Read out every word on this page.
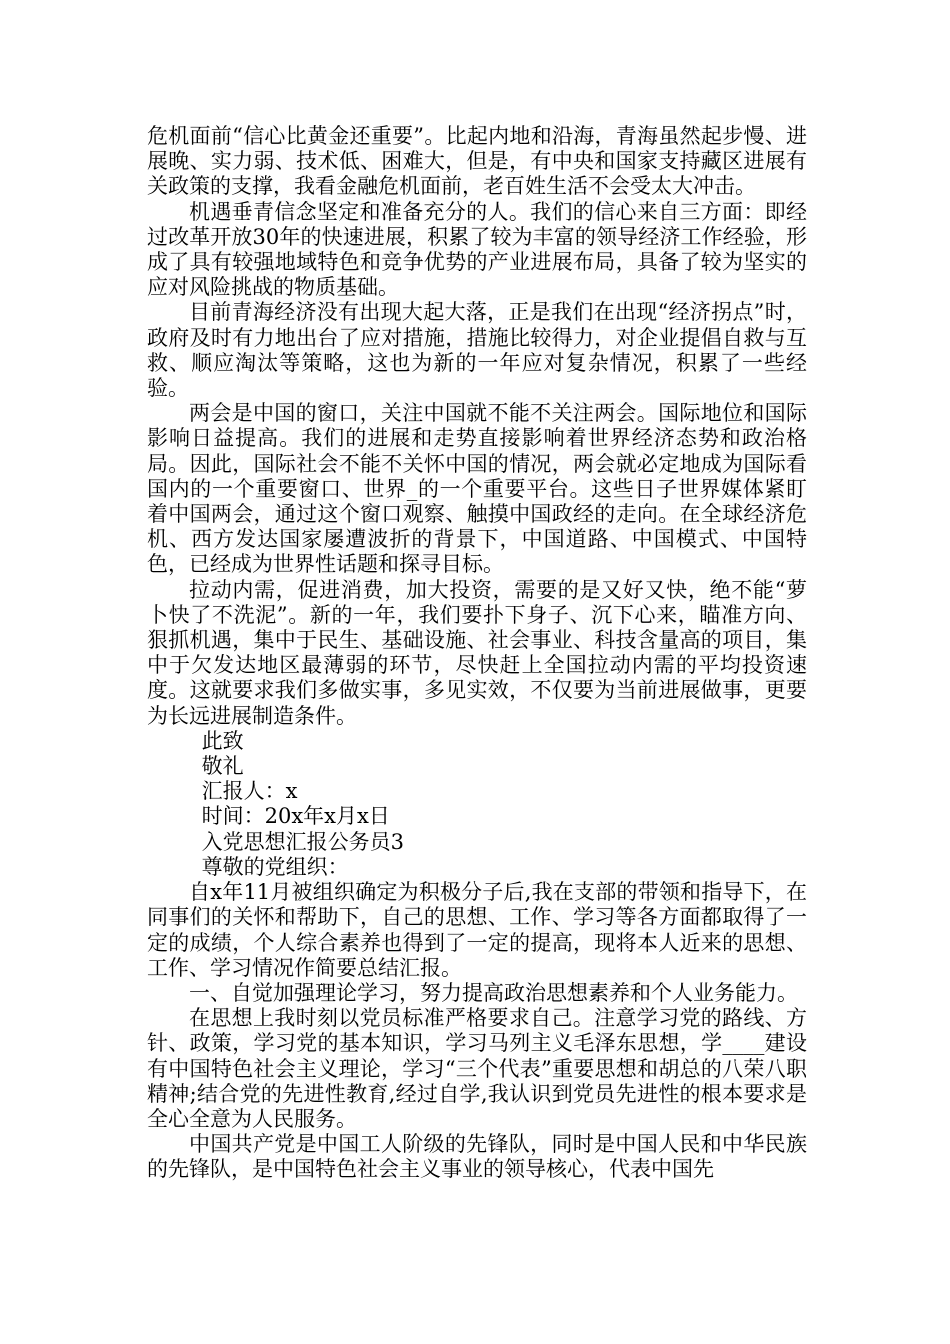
危机面前“信心比黄金还重要”。比起内地和沿海，青海虽然起步慢、进展晚、实力弱、技术低、困难大，但是，有中央和国家支持藏区进展有关政策的支撑，我看金融危机面前，老百姓生活不会受太大冲击。

机遇垂青信念坚定和准备充分的人。我们的信心来自三方面：即经过改革开放30年的快速进展，积累了较为丰富的领导经济工作经验，形成了具有较强地域特色和竞争优势的产业进展布局，具备了较为坚实的应对风险挑战的物质基础。

目前青海经济没有出现大起大落，正是我们在出现“经济拐点”时，政府及时有力地出台了应对措施，措施比较得力，对企业提倡自救与互救、顺应淘汰等策略，这也为新的一年应对复杂情况，积累了一些经验。

两会是中国的窗口，关注中国就不能不关注两会。国际地位和国际影响日益提高。我们的进展和走势直接影响着世界经济态势和政治格局。因此，国际社会不能不关怀中国的情况，两会就必定地成为国际看国内的一个重要窗口、世界_的一个重要平台。这些日子世界媒体紧盯着中国两会，通过这个窗口观察、触摸中国政经的走向。在全球经济危机、西方发达国家屡遭波折的背景下，中国道路、中国模式、中国特色，已经成为世界性话题和探寻目标。

拉动内需，促进消费，加大投资，需要的是又好又快，绝不能“萝卜快了不洗泥”。新的一年，我们要扑下身子、沉下心来，瞄准方向、狠抓机遇，集中于民生、基础设施、社会事业、科技含量高的项目，集中于欠发达地区最薄弱的环节，尽快赶上全国拉动内需的平均投资速度。这就要求我们多做实事，多见实效，不仅要为当前进展做事，更要为长远进展制造条件。

此致

敬礼

汇报人：x

时间：20x年x月x日

入党思想汇报公务员3

尊敬的党组织：

自x年11月被组织确定为积极分子后,我在支部的带领和指导下，在同事们的关怀和帮助下，自己的思想、工作、学习等各方面都取得了一定的成绩，个人综合素养也得到了一定的提高，现将本人近来的思想、工作、学习情况作简要总结汇报。

一、自觉加强理论学习，努力提高政治思想素养和个人业务能力。

在思想上我时刻以党员标准严格要求自己。注意学习党的路线、方针、政策，学习党的基本知识，学习马列主义毛泽东思想，学____建设有中国特色社会主义理论，学习“三个代表”重要思想和胡总的八荣八职精神;结合党的先进性教育,经过自学,我认识到党员先进性的根本要求是全心全意为人民服务。

中国共产党是中国工人阶级的先锋队，同时是中国人民和中华民族的先锋队，是中国特色社会主义事业的领导核心，代表中国先
